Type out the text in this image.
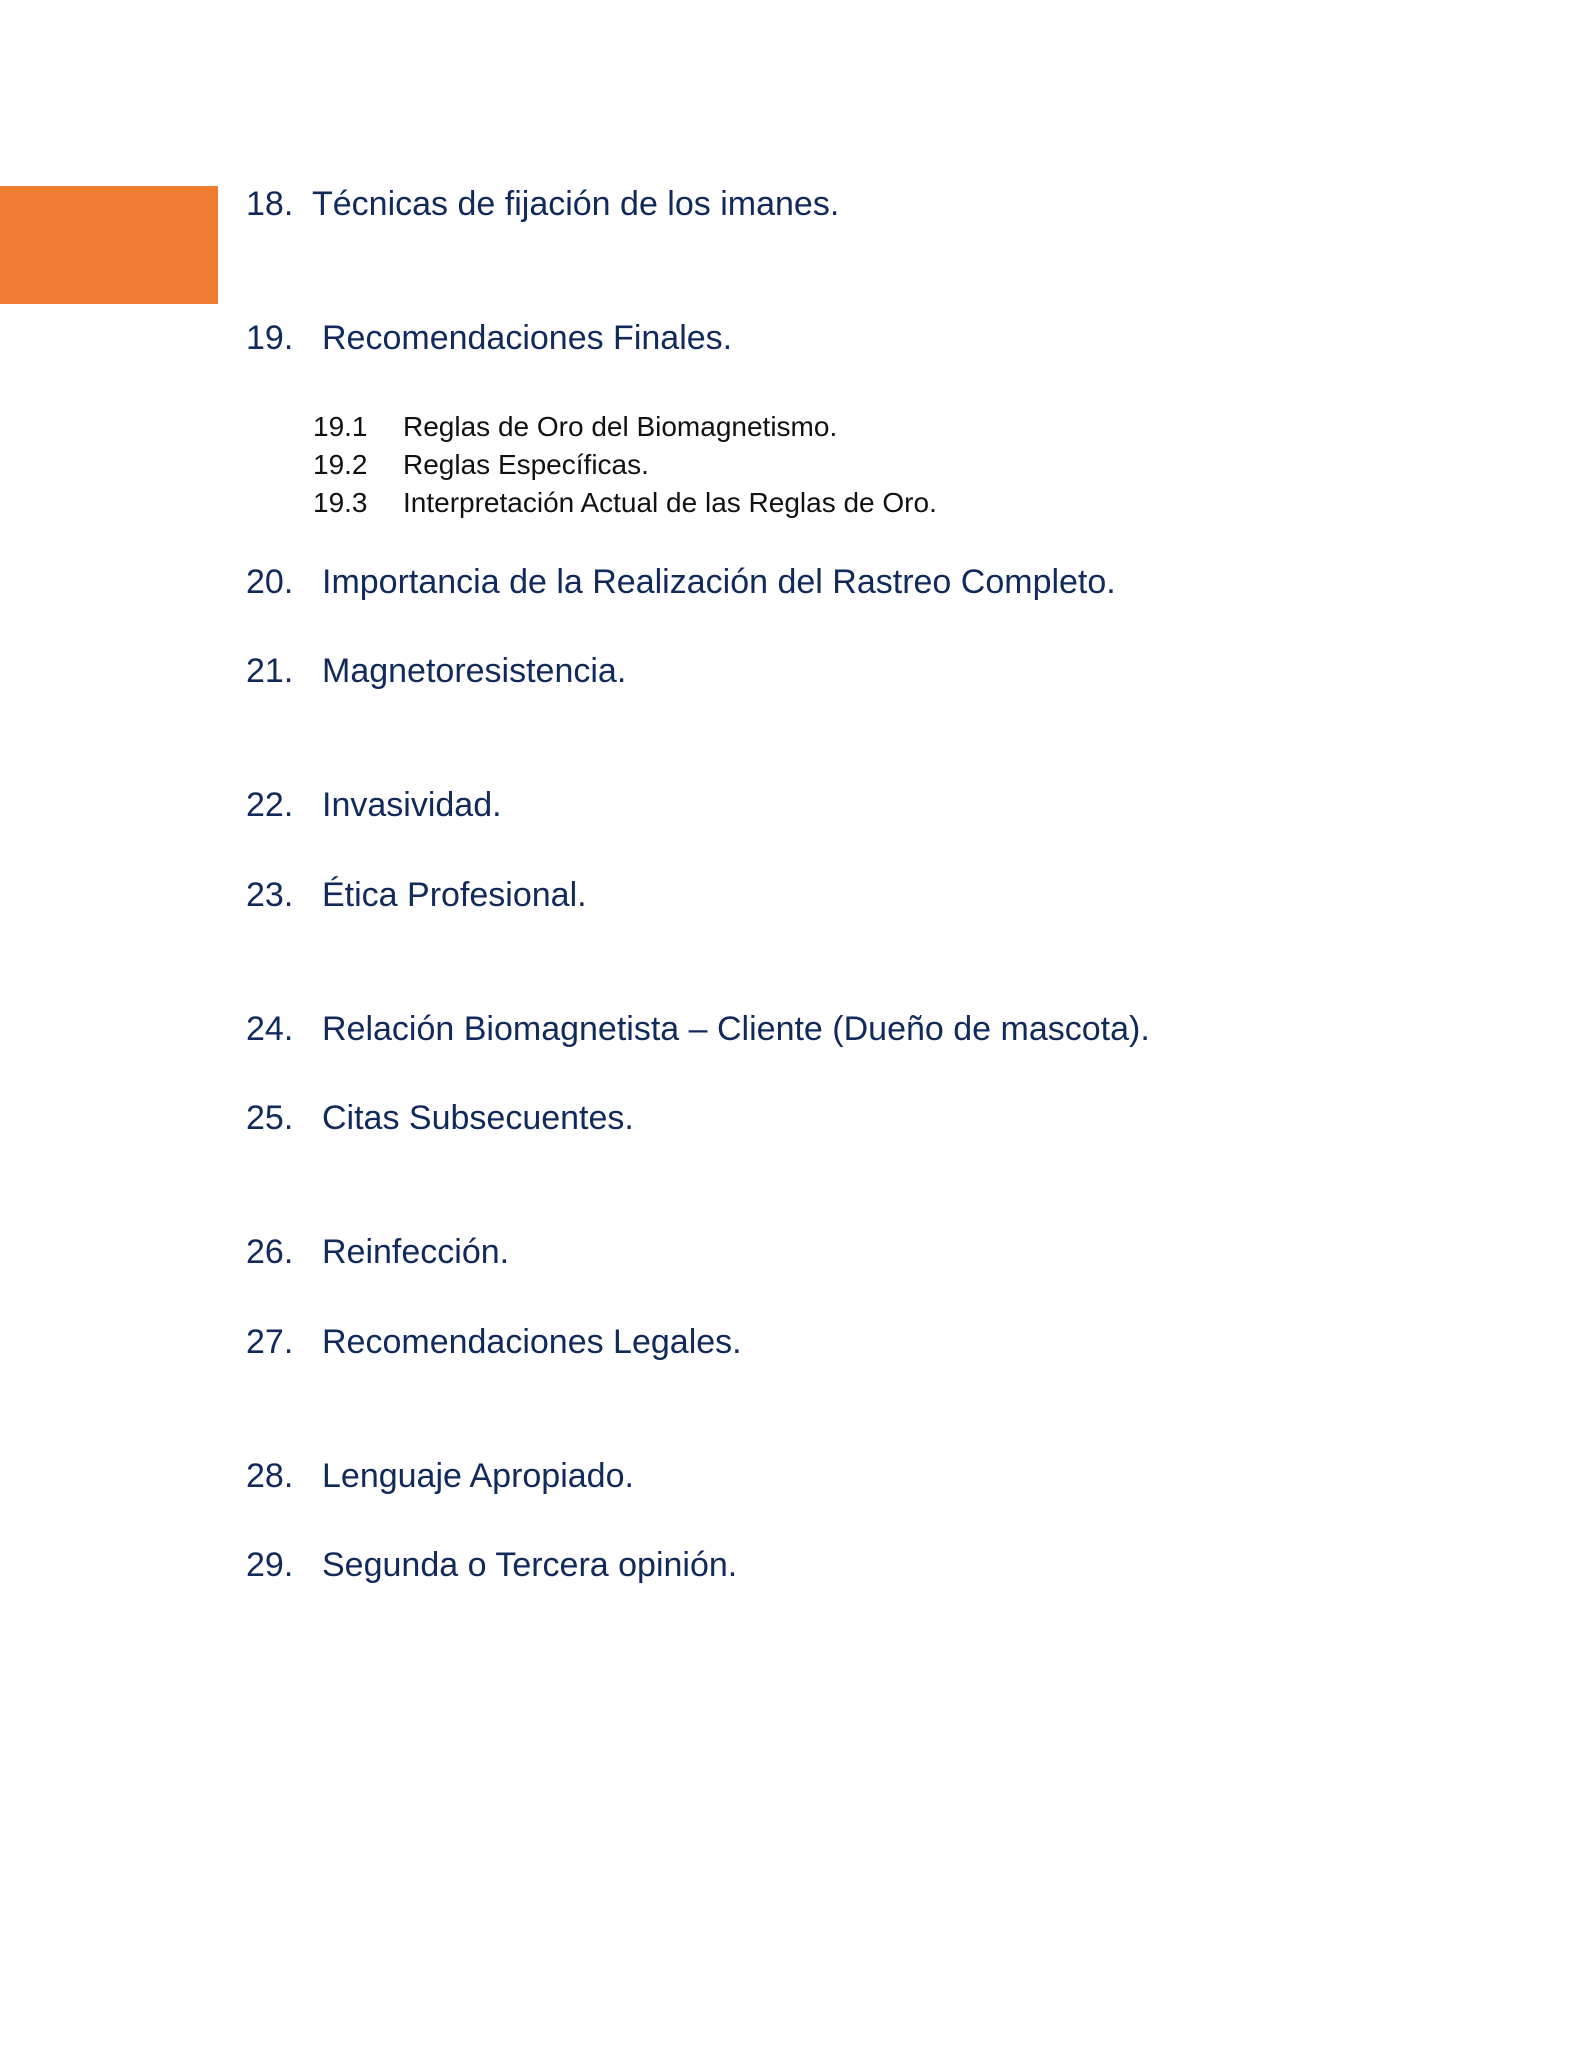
18. Técnicas de fijación de los imanes.
19. Recomendaciones Finales.
19.1 Reglas de Oro del Biomagnetismo.
19.2 Reglas Específicas.
19.3 Interpretación Actual de las Reglas de Oro.
20. Importancia de la Realización del Rastreo Completo.
21. Magnetoresistencia.
22. Invasividad.
23. Ética Profesional.
24. Relación Biomagnetista – Cliente (Dueño de mascota).
25. Citas Subsecuentes.
26. Reinfección.
27. Recomendaciones Legales.
28. Lenguaje Apropiado.
29. Segunda o Tercera opinión.
